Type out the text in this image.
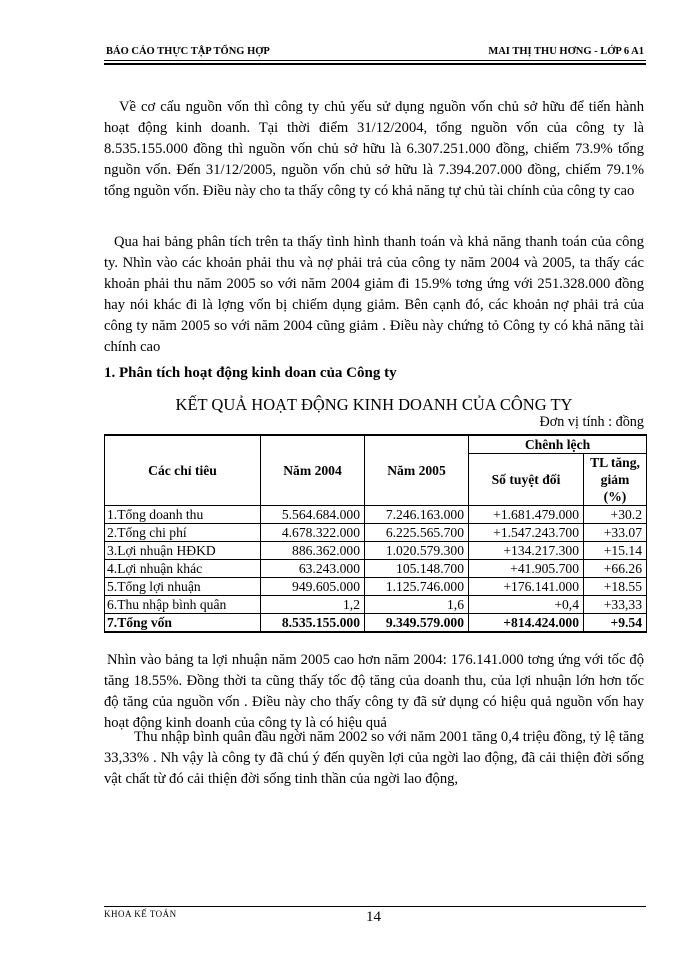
BÁO CÁO THỰC TẬP TỔNG HỢP	MAI THỊ THU HƠNG - LỚP 6 A1

Về cơ cấu nguồn vốn thì công ty chủ yếu sử dụng nguồn vốn chủ sở hữu để tiến hành hoạt động kinh doanh. Tại thời điểm 31/12/2004, tổng nguồn vốn của công ty là 8.535.155.000 đồng thì nguồn vốn chủ sở hữu là 6.307.251.000 đồng, chiếm 73.9% tổng nguồn vốn. Đến 31/12/2005, nguồn vốn chủ sở hữu là 7.394.207.000 đồng, chiếm 79.1% tổng nguồn vốn. Điều này cho ta thấy công ty có khả năng tự chủ tài chính của công ty cao

Qua hai bảng phân tích trên ta thấy tình hình thanh toán và khả năng thanh toán của công ty. Nhìn vào các khoản phải thu và nợ phải trả của công ty năm 2004 và 2005, ta thấy các khoản phải thu năm 2005 so với năm 2004 giảm đi 15.9% tơng ứng với 251.328.000 đồng hay nói khác đi là lợng vốn bị chiếm dụng giảm. Bên cạnh đó, các khoản nợ phải trả của công ty năm 2005 so với năm 2004 cũng giảm . Điều này chứng tỏ Công ty có khả năng tài chính cao

1. Phân tích hoạt động kinh doan của Công ty
KẾT QUẢ HOẠT ĐỘNG KINH DOANH CỦA CÔNG TY
Đơn vị tính : đồng
Các chỉ tiêu	Năm 2004	Năm 2005	Chênh lệch	
			Số tuyệt đối	TL tăng, giảm (%)
1.Tổng doanh thu	5.564.684.000	7.246.163.000	+1.681.479.000	+30.2
2.Tổng chi phí	4.678.322.000	6.225.565.700	+1.547.243.700	+33.07
3.Lợi nhuận HĐKD	886.362.000	1.020.579.300	+134.217.300	+15.14
4.Lợi nhuận khác	63.243.000	105.148.700	+41.905.700	+66.26
5.Tổng lợi nhuận	949.605.000	1.125.746.000	+176.141.000	+18.55
6.Thu nhập bình quân	1,2	1,6	+0,4	+33,33
7.Tổng vốn	8.535.155.000	9.349.579.000	+814.424.000	+9.54

Nhìn vào bảng ta lợi nhuận năm 2005 cao hơn năm 2004: 176.141.000 tơng ứng với tốc độ tăng 18.55%. Đồng thời ta cũng thấy tốc độ tăng của doanh thu, của lợi nhuận lớn hơn tốc độ tăng của nguồn vốn . Điều này cho thấy công ty đã sử dụng có hiệu quả nguồn vốn hay hoạt động kinh doanh của công ty là có hiệu quả

Thu nhập bình quân đầu ngời năm 2002 so với năm 2001 tăng 0,4 triệu đồng, tỷ lệ tăng 33,33% . Nh vậy là công ty đã chú ý đến quyền lợi của ngời lao động, đã cải thiện đời sống vật chất từ đó cải thiện đời sống tinh thần của ngời lao động,

KHOA KẾ TOÁN	14
